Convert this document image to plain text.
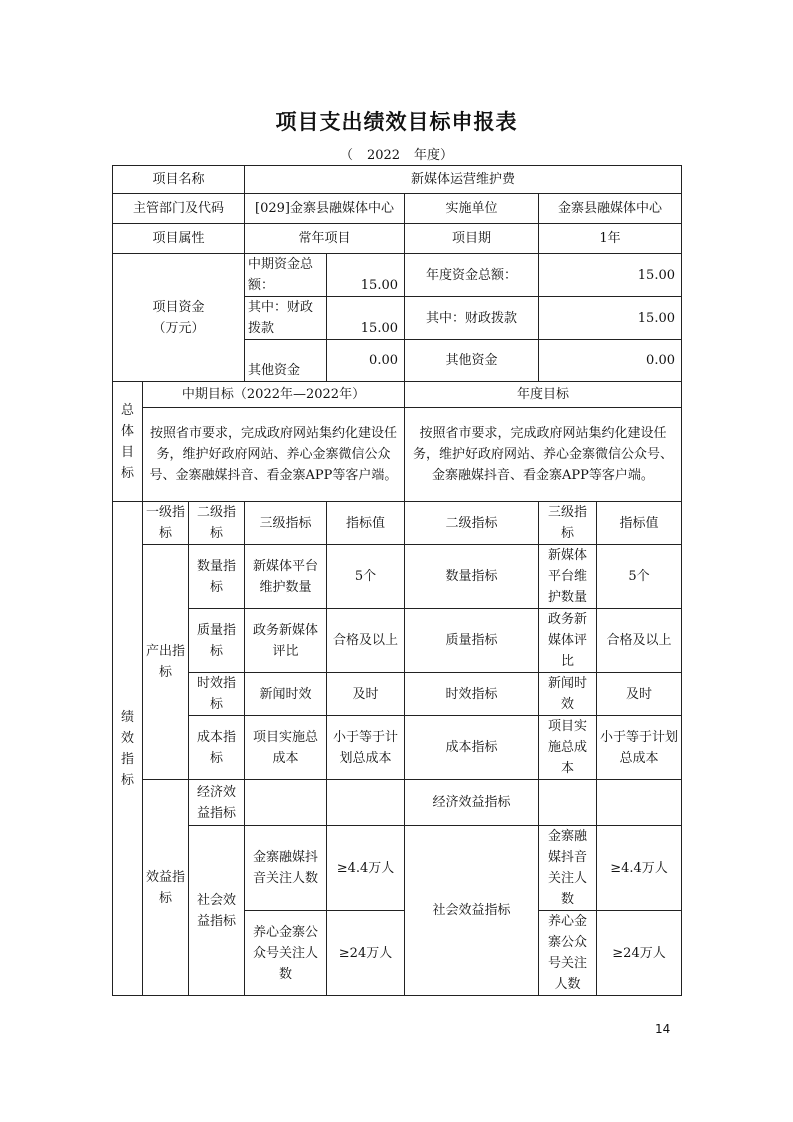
项目支出绩效目标申报表
（ 2022 年度）
项目名称			新媒体运营维护费				
主管部门及代码			[029]金寨县融媒体中心		实施单位	金寨县融媒体中心	
项目属性			常年项目		项目期	1年	
项目资金
（万元）			中期资金总额：	15.00	年度资金总额：	15.00	
			其中：财政拨款	15.00	其中：财政拨款	15.00	
			其他资金	0.00	其他资金	0.00	
总体目标	中期目标（2022年—2022年）				年度目标		
	按照省市要求，完成政府网站集约化建设任务，维护好政府网站、养心金寨微信公众号、金寨融媒抖音、看金寨APP等客户端。				按照省市要求，完成政府网站集约化建设任务，维护好政府网站、养心金寨微信公众号、金寨融媒抖音、看金寨APP等客户端。		
绩效指标	一级指标	二级指标	三级指标	指标值	二级指标	三级指标	指标值
	产出指标	数量指标	新媒体平台维护数量	5个	数量指标	新媒体平台维护数量	5个
		质量指标	政务新媒体评比	合格及以上	质量指标	政务新媒体评比	合格及以上
		时效指标	新闻时效	及时	时效指标	新闻时效	及时
		成本指标	项目实施总成本	小于等于计划总成本	成本指标	项目实施总成本	小于等于计划总成本
	效益指标	经济效益指标			经济效益指标		
		社会效益指标	金寨融媒抖音关注人数	≥4.4万人	社会效益指标	金寨融媒抖音关注人数	≥4.4万人

			养心金寨公众号关注人数	≥24万人		养心金寨公众号关注人数	≥24万人

14
